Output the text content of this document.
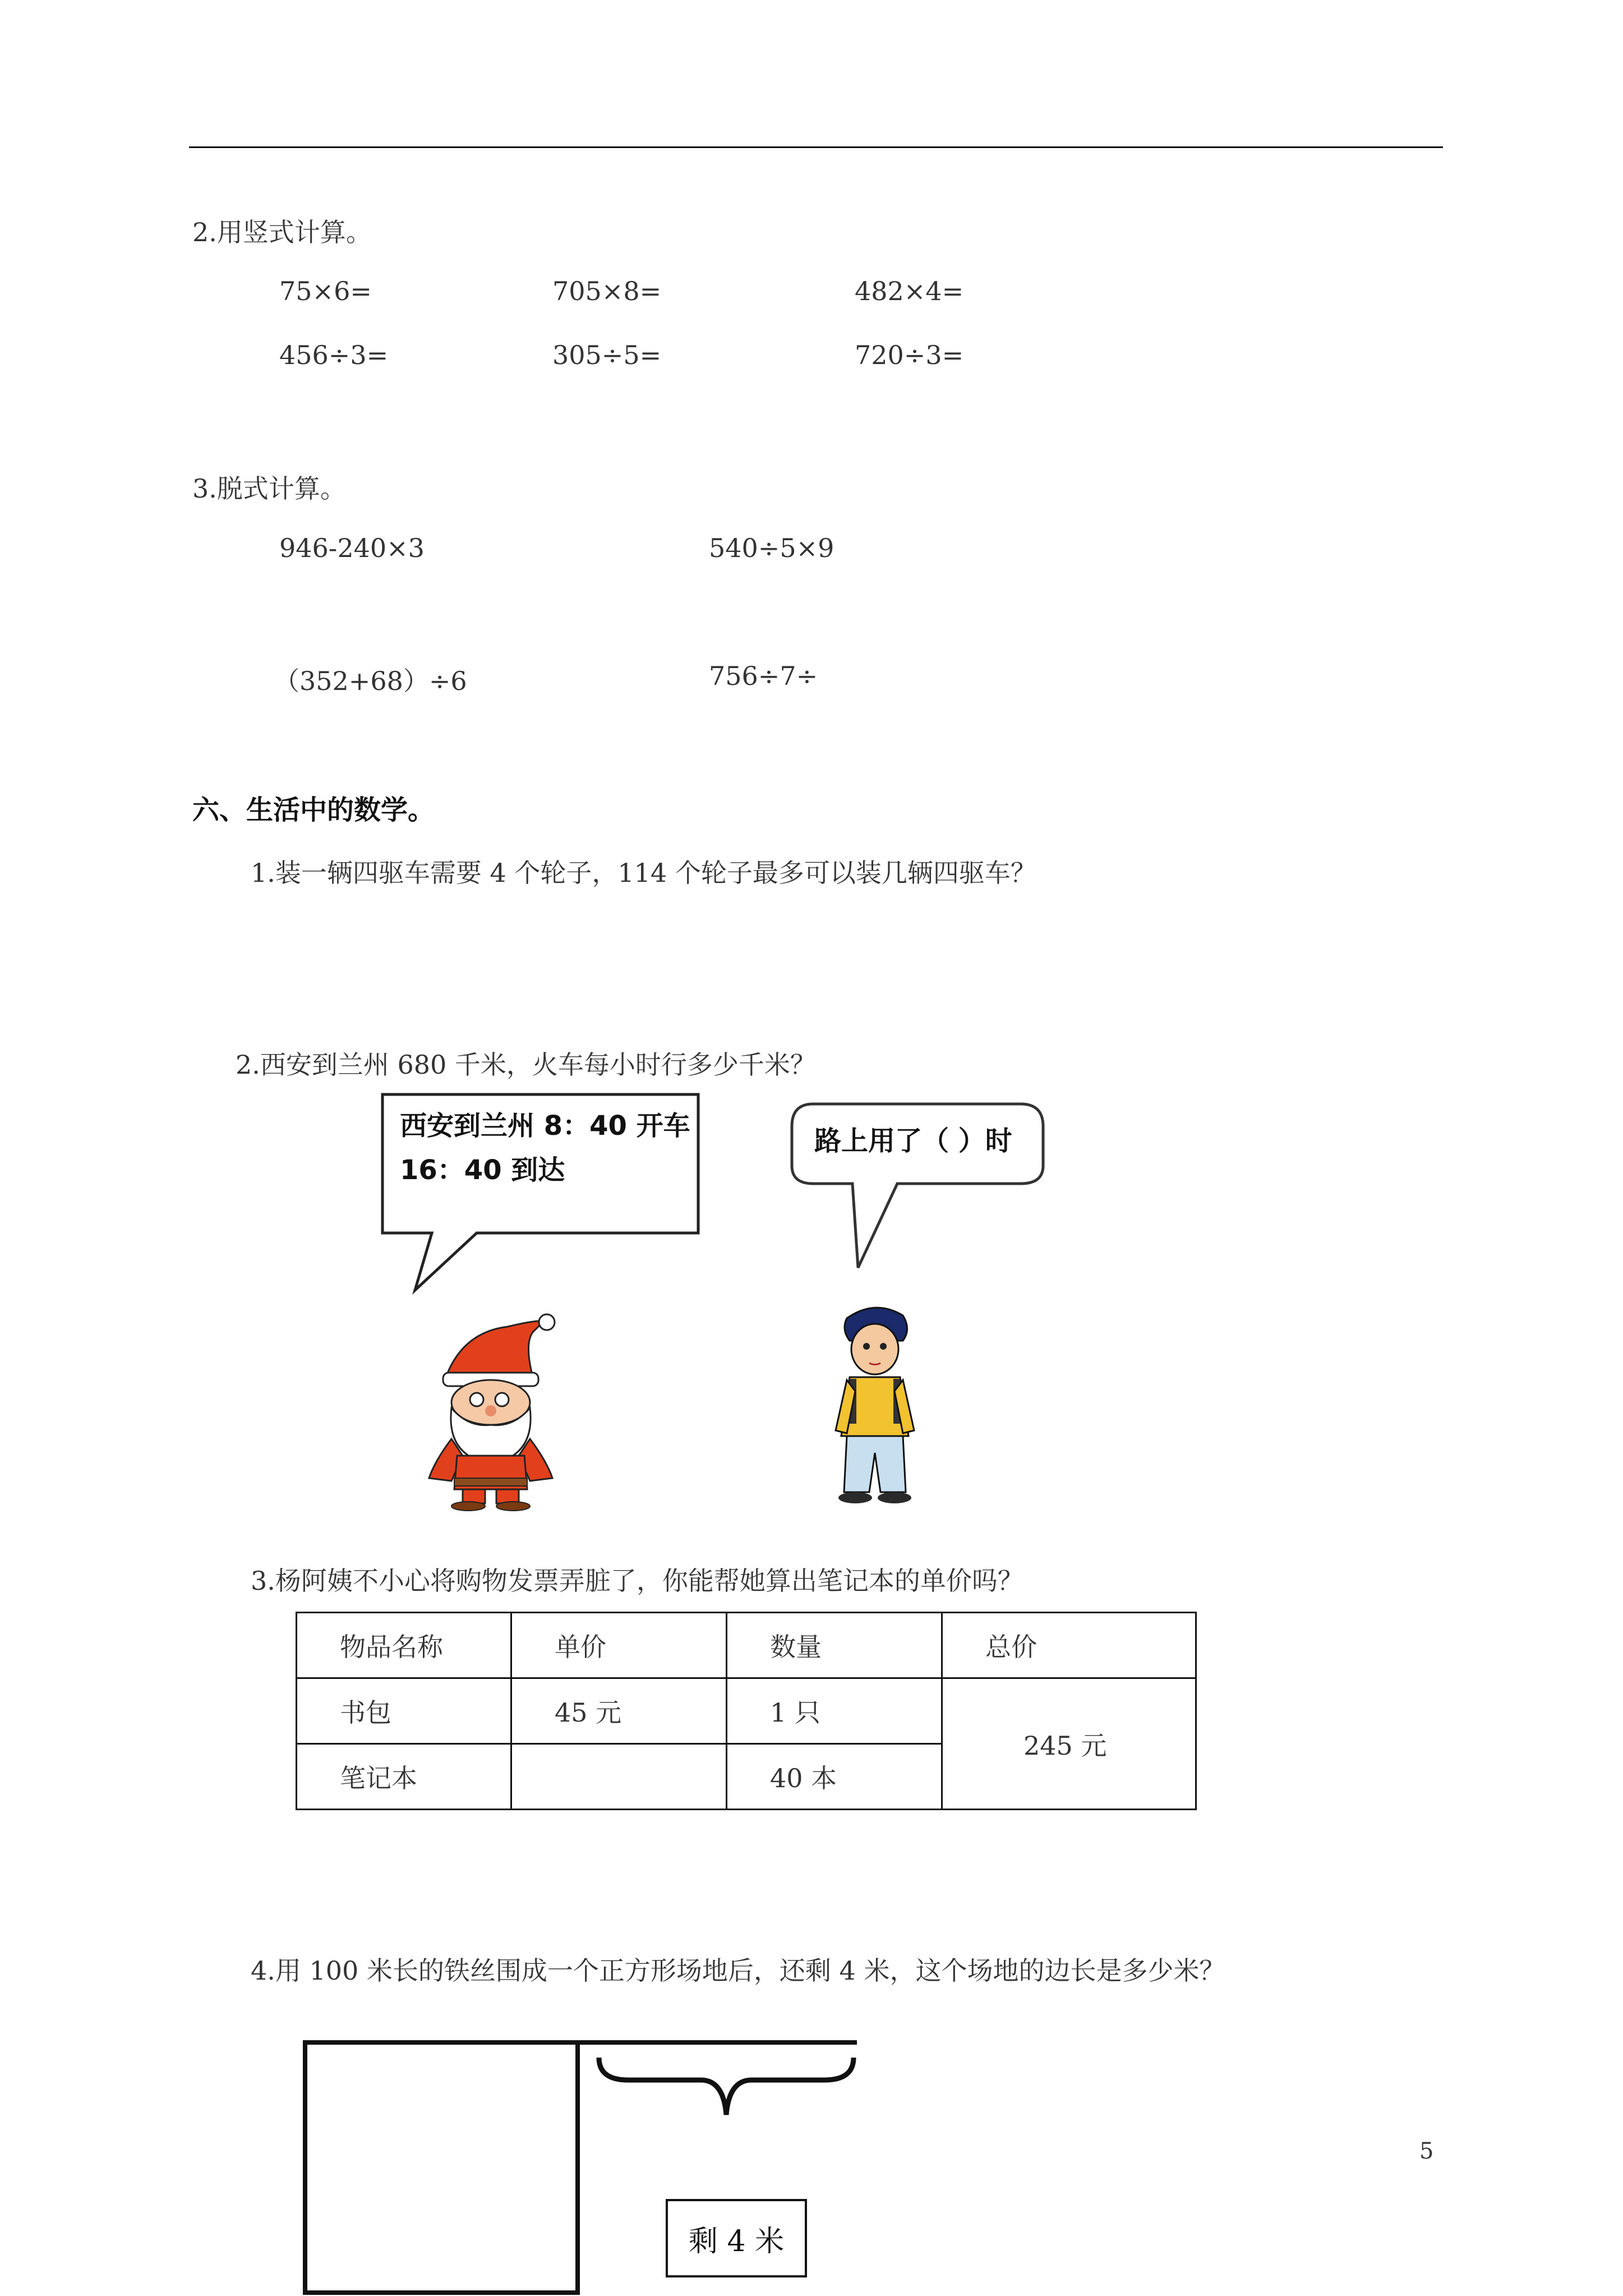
2.用竖式计算。
75×6=	705×8=	482×4=
456÷3=	305÷5=	720÷3=
3.脱式计算。
946-240×3	540÷5×9
（352+68）÷6	756÷7÷
六、生活中的数学。
1.装一辆四驱车需要 4 个轮子，114 个轮子最多可以装几辆四驱车？
2.西安到兰州 680 千米，火车每小时行多少千米？
西安到兰州 8：40 开车
16：40 到达
路上用了（ ）时
3.杨阿姨不小心将购物发票弄脏了，你能帮她算出笔记本的单价吗？
物品名称	单价	数量	总价
书包	45 元	1 只	245 元
笔记本		40 本	
4.用 100 米长的铁丝围成一个正方形场地后，还剩 4 米，这个场地的边长是多少米？
剩 4 米
5
